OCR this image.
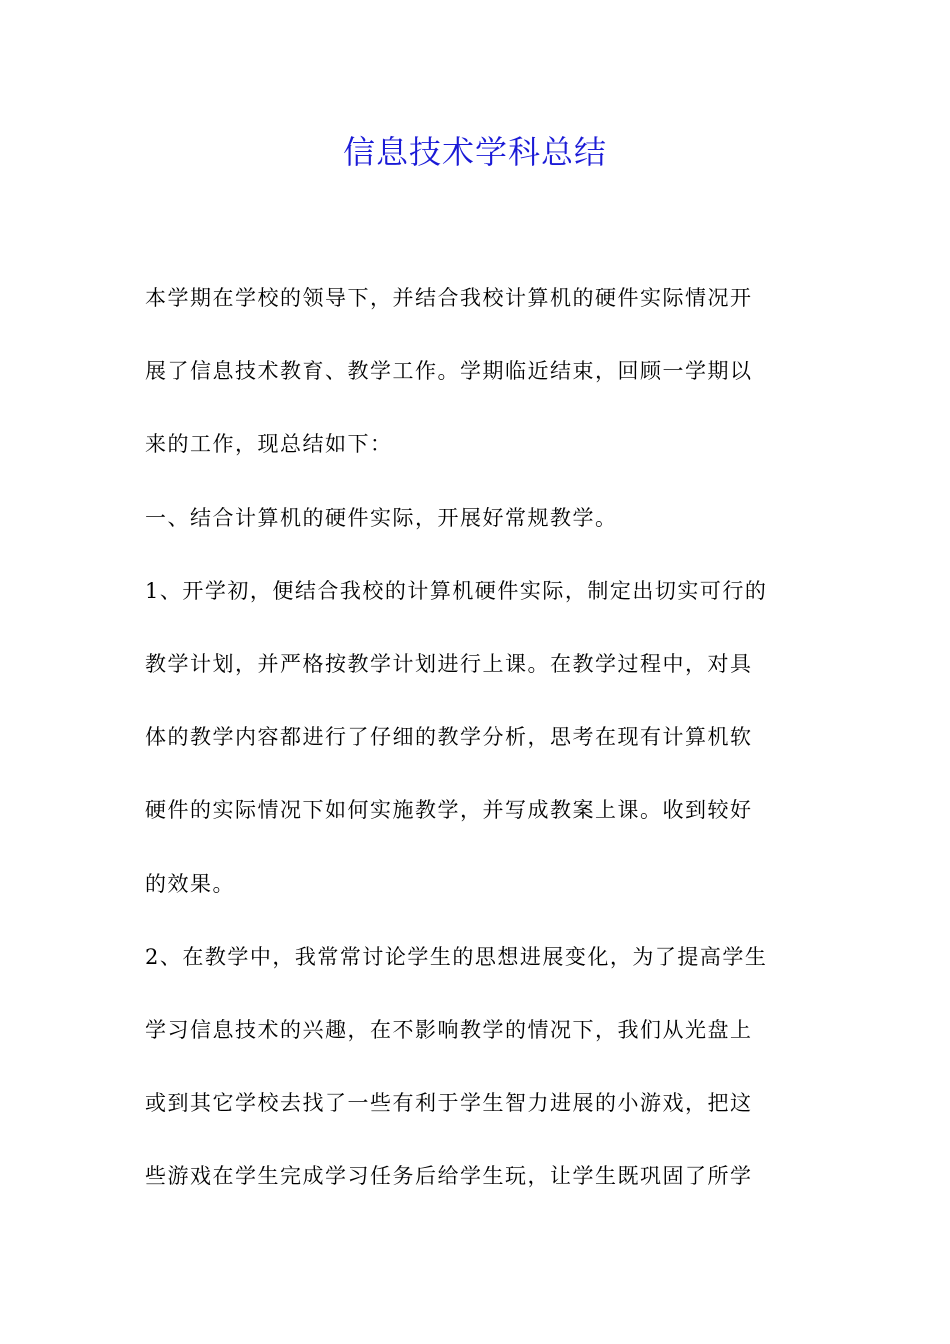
信息技术学科总结
本学期在学校的领导下，并结合我校计算机的硬件实际情况开
展了信息技术教育、教学工作。学期临近结束，回顾一学期以
来的工作，现总结如下：
一、结合计算机的硬件实际，开展好常规教学。
1、开学初，便结合我校的计算机硬件实际，制定出切实可行的
教学计划，并严格按教学计划进行上课。在教学过程中，对具
体的教学内容都进行了仔细的教学分析，思考在现有计算机软
硬件的实际情况下如何实施教学，并写成教案上课。收到较好
的效果。
2、在教学中，我常常讨论学生的思想进展变化，为了提高学生
学习信息技术的兴趣，在不影响教学的情况下，我们从光盘上
或到其它学校去找了一些有利于学生智力进展的小游戏，把这
些游戏在学生完成学习任务后给学生玩，让学生既巩固了所学
